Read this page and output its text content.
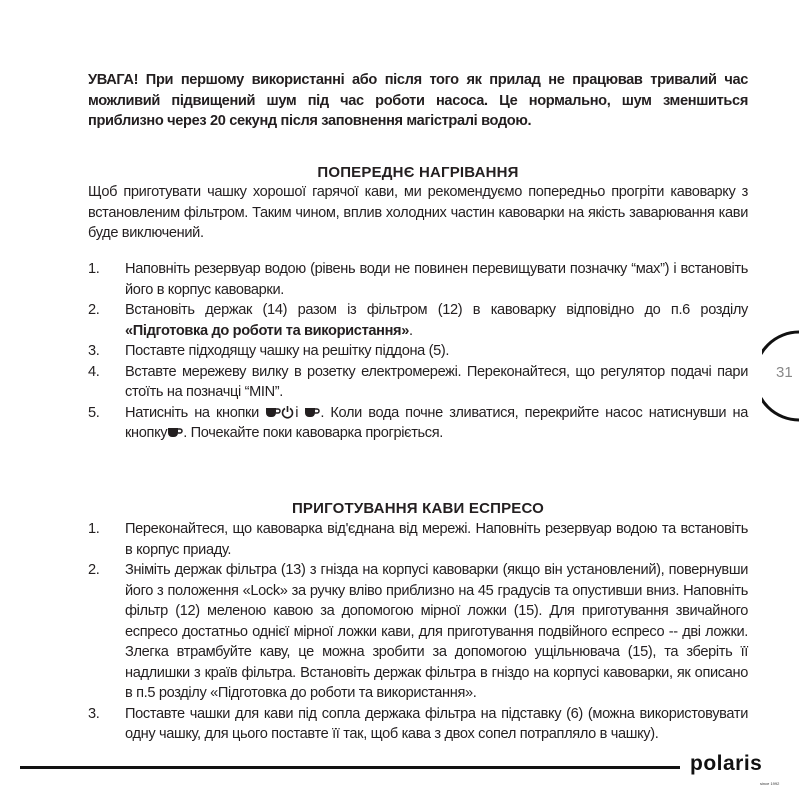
УВАГА! При першому використанні або після того як прилад не працював тривалий час можливий підвищений шум під час роботи насоса. Це нормально, шум зменшиться приблизно через 20 секунд після заповнення магістралі водою.
ПОПЕРЕДНЄ НАГРІВАННЯ
Щоб приготувати чашку хорошої гарячої кави, ми рекомендуємо попередньо прогріти кавоварку з встановленим фільтром. Таким чином, вплив холодних частин кавоварки на якість заварювання кави буде виключений.
1. Наповніть резервуар водою (рівень води не повинен перевищувати позначку “мах”) і встановіть його в корпус кавоварки.
2. Встановіть держак (14) разом із фільтром (12) в кавоварку відповідно до п.6 розділу «Підготовка до роботи та використання».
3. Поставте підходящу чашку на решітку піддона (5).
4. Вставте мережеву вилку в розетку електромережі. Переконайтеся, що регулятор подачі пари стоїть на позначці “MIN”.
5. Натисніть на кнопки і . Коли вода почне зливатися, перекрийте насос натиснувши на кнопку . Почекайте поки кавоварка прогріється.
ПРИГОТУВАННЯ КАВИ ЕСПРЕСО
1. Переконайтеся, що кавоварка від'єднана від мережі. Наповніть резервуар водою та встановіть в корпус приаду.
2. Зніміть держак фільтра (13) з гнізда на корпусі кавоварки (якщо він установлений), повернувши його з положення «Lock» за ручку вліво приблизно на 45 градусів та опустивши вниз. Наповніть фільтр (12) меленою кавою за допомогою мірної ложки (15). Для приготування звичайного еспресо достатньо однієї мірної ложки кави, для приготування подвійного еспресо -- дві ложки. Злегка втрамбуйте каву, це можна зробити за допомогою ущільнювача (15), та зберіть її надлишки з країв фільтра. Встановіть держак фільтра в гніздо на корпусі кавоварки, як описано в п.5 розділу «Підготовка до роботи та використання».
3. Поставте чашки для кави під сопла держака фільтра на підставку (6) (можна використовувати одну чашку, для цього поставте її так, щоб кава з двох сопел потрапляло в чашку).
31
polaris
since 1992
